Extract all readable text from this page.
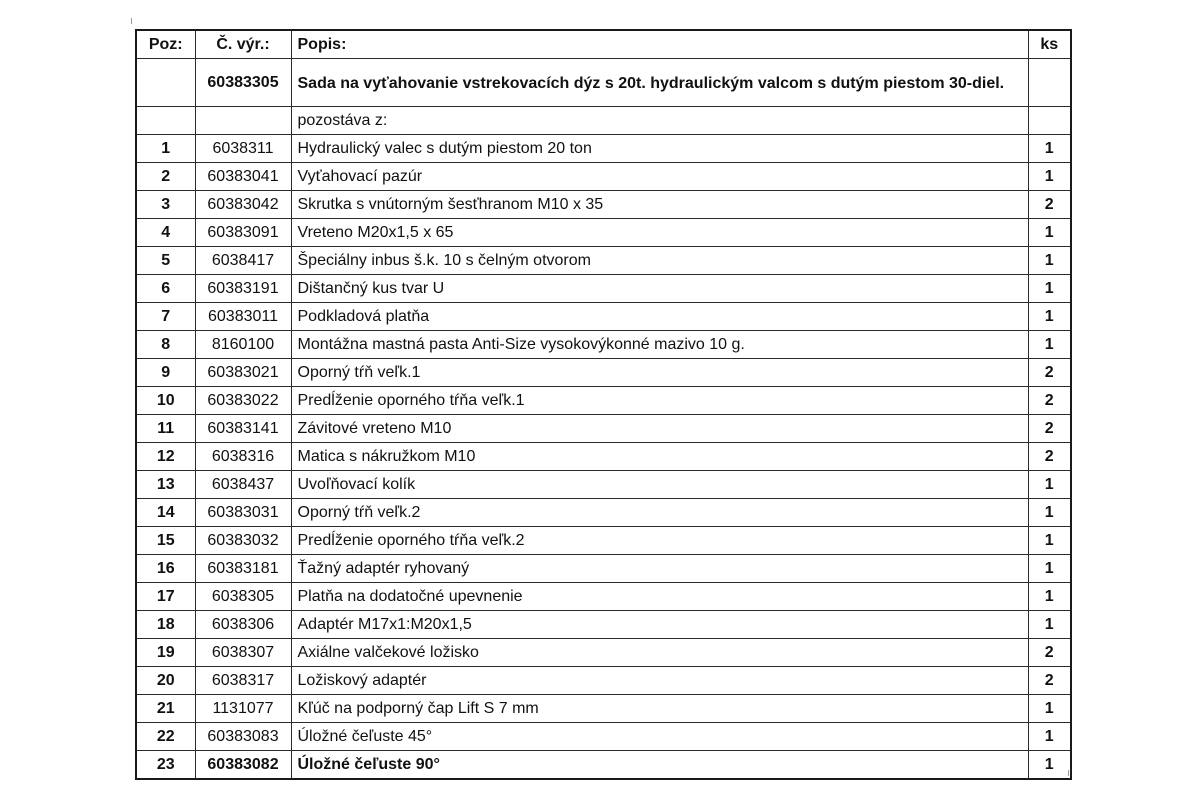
Poz:	Č. výr.:	Popis:	ks
	60383305	Sada na vyťahovanie vstrekovacích dýz s 20t. hydraulickým valcom s dutým piestom 30-diel.	
		pozostáva z:	
1	6038311	Hydraulický valec s dutým piestom 20 ton	1
2	60383041	Vyťahovací pazúr	1
3	60383042	Skrutka s vnútorným šesťhranom M10 x 35	2
4	60383091	Vreteno M20x1,5 x 65	1
5	6038417	Špeciálny inbus š.k. 10 s čelným otvorom	1
6	60383191	Dištančný kus tvar U	1
7	60383011	Podkladová platňa	1
8	8160100	Montážna mastná pasta Anti-Size vysokovýkonné mazivo 10 g.	1
9	60383021	Oporný tŕň veľk.1	2
10	60383022	Predĺženie oporného tŕňa veľk.1	2
11	60383141	Závitové vreteno M10	2
12	6038316	Matica s nákružkom M10	2
13	6038437	Uvoľňovací kolík	1
14	60383031	Oporný tŕň veľk.2	1
15	60383032	Predĺženie oporného tŕňa veľk.2	1
16	60383181	Ťažný adaptér ryhovaný	1
17	6038305	Platňa na dodatočné upevnenie	1
18	6038306	Adaptér M17x1:M20x1,5	1
19	6038307	Axiálne valčekové ložisko	2
20	6038317	Ložiskový adaptér	2
21	1131077	Kľúč na podporný čap Lift S 7 mm	1
22	60383083	Úložné čeľuste 45°	1
23	60383082	Úložné čeľuste 90°	1
